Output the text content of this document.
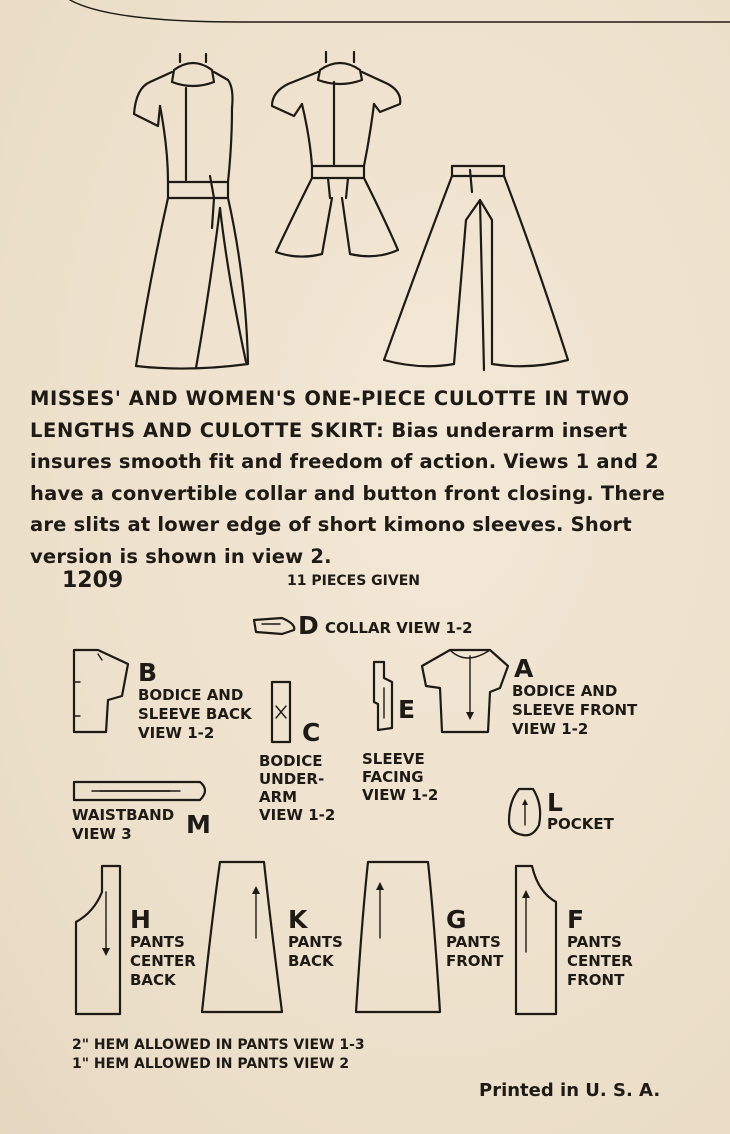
MISSES' AND WOMEN'S ONE-PIECE CULOTTE IN TWO LENGTHS AND CULOTTE SKIRT: Bias underarm insert insures smooth fit and freedom of action. Views 1 and 2 have a convertible collar and button front closing. There are slits at lower edge of short kimono sleeves. Short version is shown in view 2.
1209	11 PIECES GIVEN
D COLLAR VIEW 1-2
B
BODICE AND
SLEEVE BACK
VIEW 1-2	C
BODICE
UNDER-
ARM
VIEW 1-2
E
SLEEVE
FACING
VIEW 1-2
A
BODICE AND
SLEEVE FRONT
VIEW 1-2
WAISTBAND
VIEW 3 M
L
POCKET
H
PANTS
CENTER
BACK
K
PANTS
BACK
G
PANTS
FRONT
F
PANTS
CENTER
FRONT
2" HEM ALLOWED IN PANTS VIEW 1-3
1" HEM ALLOWED IN PANTS VIEW 2
Printed in U. S. A.
